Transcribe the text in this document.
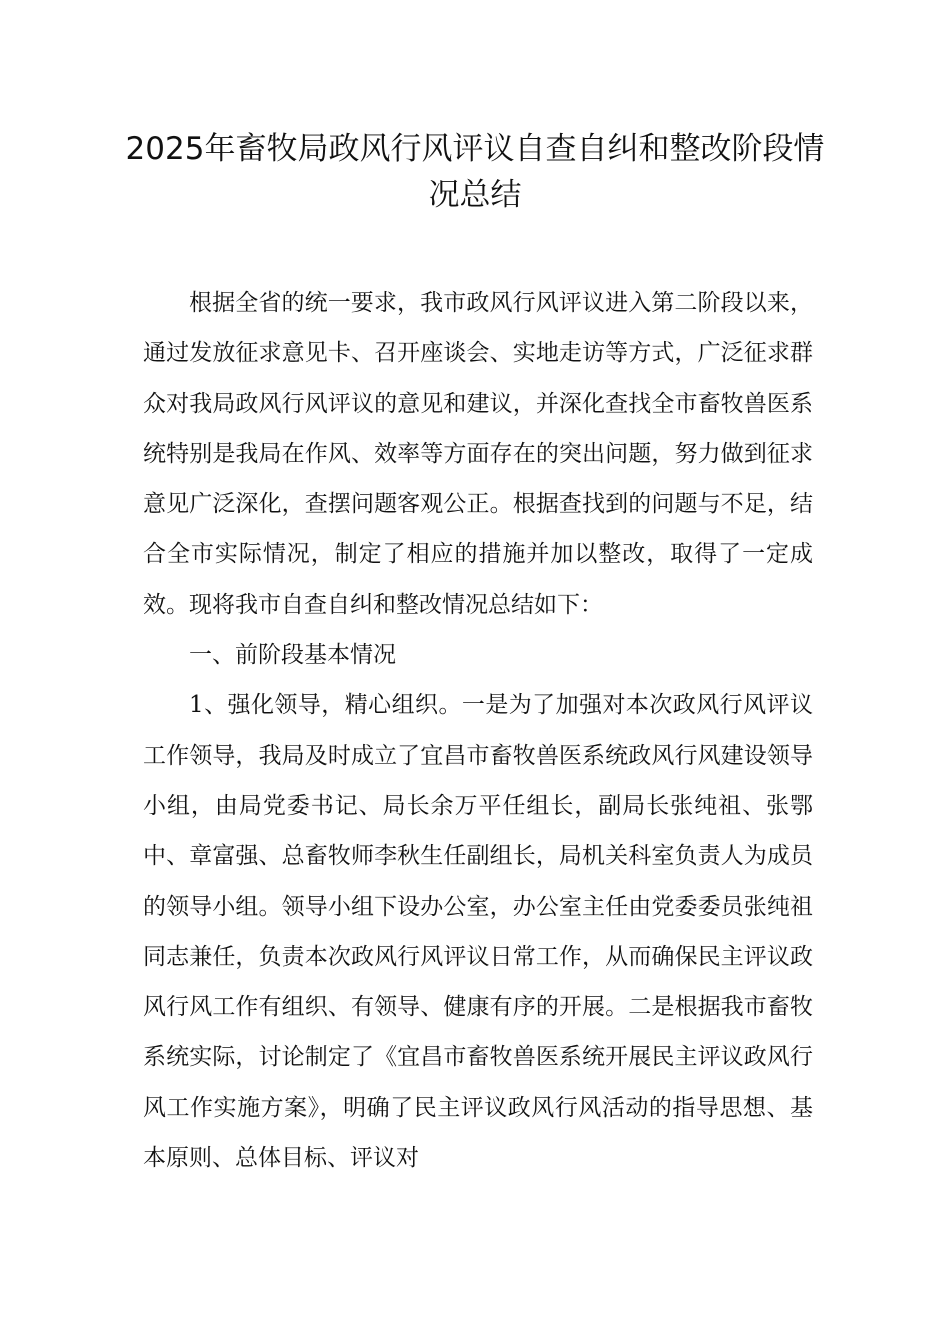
2025年畜牧局政风行风评议自查自纠和整改阶段情况总结

根据全省的统一要求，我市政风行风评议进入第二阶段以来，通过发放征求意见卡、召开座谈会、实地走访等方式，广泛征求群众对我局政风行风评议的意见和建议，并深化查找全市畜牧兽医系统特别是我局在作风、效率等方面存在的突出问题，努力做到征求意见广泛深化，查摆问题客观公正。根据查找到的问题与不足，结合全市实际情况，制定了相应的措施并加以整改，取得了一定成效。现将我市自查自纠和整改情况总结如下：

一、前阶段基本情况

1、强化领导，精心组织。一是为了加强对本次政风行风评议工作领导，我局及时成立了宜昌市畜牧兽医系统政风行风建设领导小组，由局党委书记、局长余万平任组长，副局长张纯祖、张鄂中、章富强、总畜牧师李秋生任副组长，局机关科室负责人为成员的领导小组。领导小组下设办公室，办公室主任由党委委员张纯祖同志兼任，负责本次政风行风评议日常工作，从而确保民主评议政风行风工作有组织、有领导、健康有序的开展。二是根据我市畜牧系统实际，讨论制定了《宜昌市畜牧兽医系统开展民主评议政风行风工作实施方案》，明确了民主评议政风行风活动的指导思想、基本原则、总体目标、评议对
